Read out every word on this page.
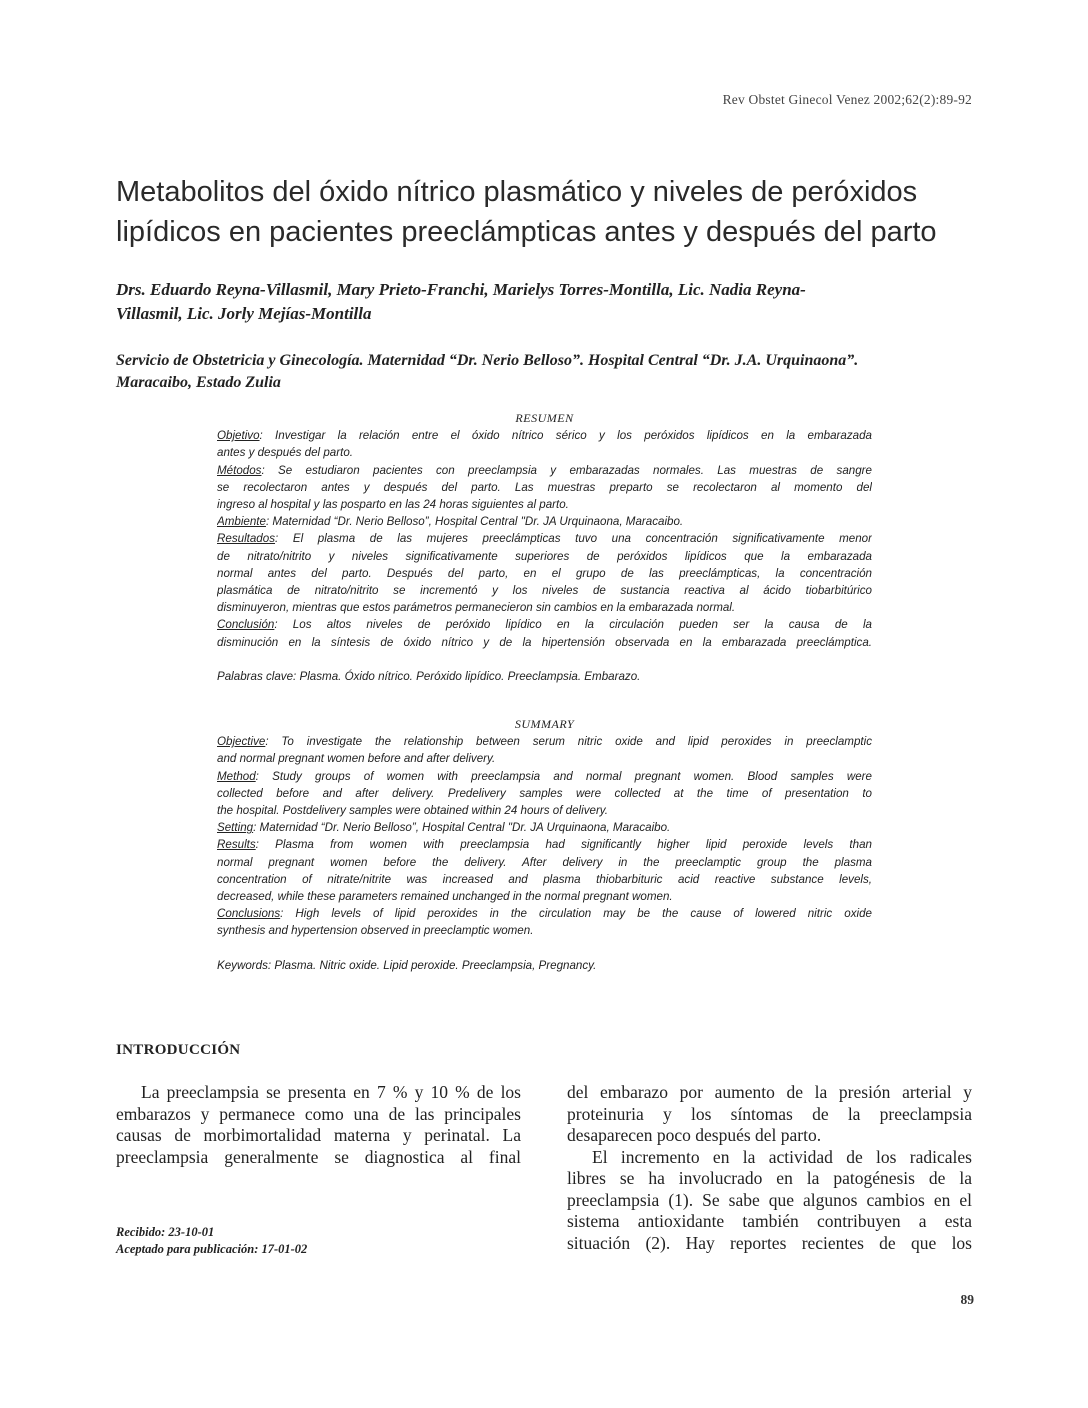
Rev Obstet Ginecol Venez 2002;62(2):89-92
Metabolitos del óxido nítrico plasmático y niveles de peróxidos
lipídicos en pacientes preeclámpticas antes y después del parto
Drs. Eduardo Reyna-Villasmil, Mary Prieto-Franchi, Marielys Torres-Montilla, Lic. Nadia Reyna-
Villasmil, Lic. Jorly Mejías-Montilla
Servicio de Obstetricia y Ginecología. Maternidad “Dr. Nerio Belloso”. Hospital Central “Dr. J.A. Urquinaona”.
Maracaibo, Estado Zulia
RESUMEN
Objetivo: Investigar la relación entre el óxido nítrico sérico y los peróxidos lipídicos en la embarazada
antes y después del parto.
Métodos: Se estudiaron pacientes con preeclampsia y embarazadas normales. Las muestras de sangre
se recolectaron antes y después del parto. Las muestras preparto se recolectaron al momento del
ingreso al hospital y las posparto en las 24 horas siguientes al parto.
Ambiente: Maternidad “Dr. Nerio Belloso”, Hospital Central "Dr. JA Urquinaona, Maracaibo.
Resultados: El plasma de las mujeres preeclámpticas tuvo una concentración significativamente menor
de nitrato/nitrito y niveles significativamente superiores de peróxidos lipídicos que la embarazada
normal antes del parto. Después del parto, en el grupo de las preeclámpticas, la concentración
plasmática de nitrato/nitrito se incrementó y los niveles de sustancia reactiva al ácido tiobarbitúrico
disminuyeron, mientras que estos parámetros permanecieron sin cambios en la embarazada normal.
Conclusión: Los altos niveles de peróxido lipídico en la circulación pueden ser la causa de la
disminución en la síntesis de óxido nítrico y de la hipertensión observada en la embarazada preeclámptica.
Palabras clave: Plasma. Óxido nítrico. Peróxido lipídico. Preeclampsia. Embarazo.
SUMMARY
Objective: To investigate the relationship between serum nitric oxide and lipid peroxides in preeclamptic
and normal pregnant women before and after delivery.
Method: Study groups of women with preeclampsia and normal pregnant women. Blood samples were
collected before and after delivery. Predelivery samples were collected at the time of presentation to
the hospital. Postdelivery samples were obtained within 24 hours of delivery.
Setting: Maternidad “Dr. Nerio Belloso”, Hospital Central "Dr. JA Urquinaona, Maracaibo.
Results: Plasma from women with preeclampsia had significantly higher lipid peroxide levels than
normal pregnant women before the delivery. After delivery in the preeclamptic group the plasma
concentration of nitrate/nitrite was increased and plasma thiobarbituric acid reactive substance levels,
decreased, while these parameters remained unchanged in the normal pregnant women.
Conclusions: High levels of lipid peroxides in the circulation may be the cause of lowered nitric oxide
synthesis and hypertension observed in preeclamptic women.
Keywords: Plasma. Nitric oxide. Lipid peroxide. Preeclampsia, Pregnancy.
INTRODUCCIÓN
La preeclampsia se presenta en 7 % y 10 % de los
embarazos y permanece como una de las principales
causas de morbimortalidad materna y perinatal. La
preeclampsia generalmente se diagnostica al final
del embarazo por aumento de la presión arterial y
proteinuria y los síntomas de la preeclampsia
desaparecen poco después del parto.
El incremento en la actividad de los radicales
libres se ha involucrado en la patogénesis de la
preeclampsia (1). Se sabe que algunos cambios en el
sistema antioxidante también contribuyen a esta
situación (2). Hay reportes recientes de que los
Recibido: 23-10-01
Aceptado para publicación: 17-01-02
89
